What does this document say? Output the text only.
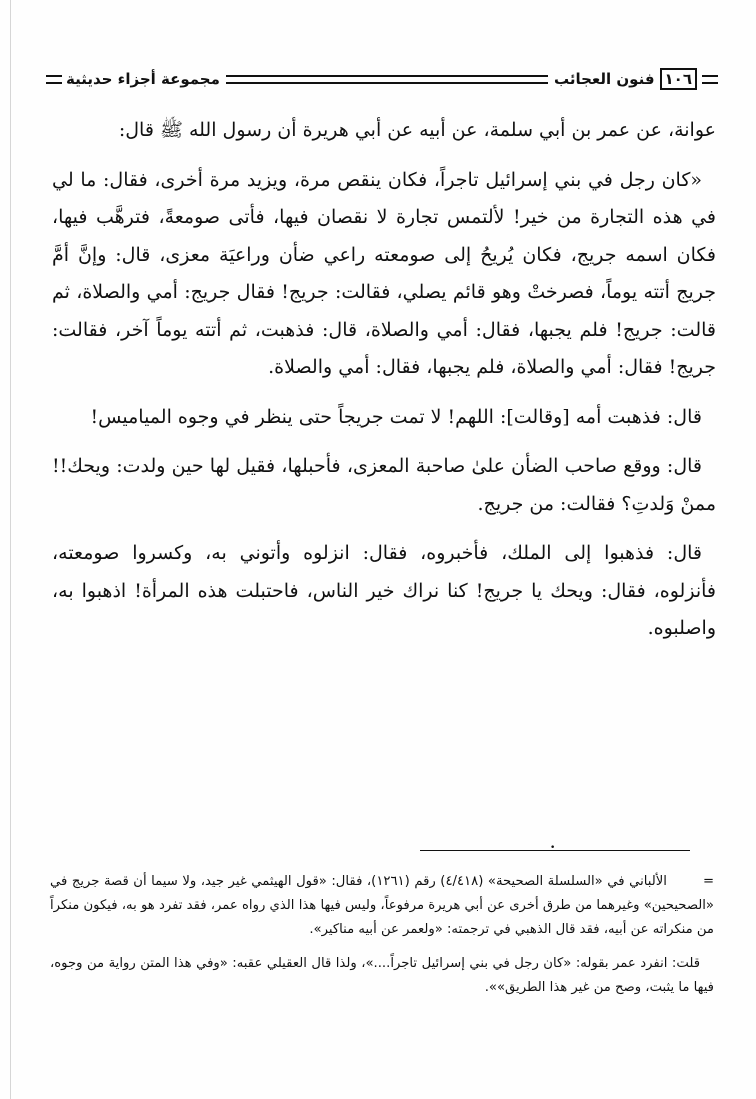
١٠٦
فنون العجائب
مجموعة أجزاء حديثية

عوانة، عن عمر بن أبي سلمة، عن أبيه عن أبي هريرة أن رسول الله ﷺ قال:

«كان رجل في بني إسرائيل تاجراً، فكان ينقص مرة، ويزيد مرة أخرى، فقال: ما لي في هذه التجارة من خير! لألتمس تجارة لا نقصان فيها، فأتى صومعةً، فترهَّب فيها، فكان اسمه جريج، فكان يُريحُ إلى صومعته راعي ضأن وراعيَة معزى، قال: وإنَّ أمَّ جريج أتته يوماً، فصرختْ وهو قائم يصلي، فقالت: جريج! فقال جريج: أمي والصلاة، ثم قالت: جريج! فلم يجبها، فقال: أمي والصلاة، قال: فذهبت، ثم أتته يوماً آخر، فقالت: جريج! فقال: أمي والصلاة، فلم يجبها، فقال: أمي والصلاة.

قال: فذهبت أمه [وقالت]: اللهم! لا تمت جريجاً حتى ينظر في وجوه المياميس!

قال: ووقع صاحب الضأن علىٰ صاحبة المعزى، فأحبلها، فقيل لها حين ولدت: ويحك!! ممنْ وَلدتِ؟ فقالت: من جريج.

قال: فذهبوا إلى الملك، فأخبروه، فقال: انزلوه وأتوني به، وكسروا صومعته، فأنزلوه، فقال: ويحك يا جريج! كنا نراك خير الناس، فاحتبلت هذه المرأة! اذهبوا به، واصلبوه.

•

=الألباني في «السلسلة الصحيحة» (٤/٤١٨) رقم (١٢٦١)، فقال: «قول الهيثمي غير جيد، ولا سيما أن قصة جريج في «الصحيحين» وغيرهما من طرق أخرى عن أبي هريرة مرفوعاً، وليس فيها هذا الذي رواه عمر، فقد تفرد هو به، فيكون منكراً من منكراته عن أبيه، فقد قال الذهبي في ترجمته: «ولعمر عن أبيه مناكير».

قلت: انفرد عمر بقوله: «كان رجل في بني إسرائيل تاجراً....»، ولذا قال العقيلي عقبه: «وفي هذا المتن رواية من وجوه، فيها ما يثبت، وصح من غير هذا الطريق»».
